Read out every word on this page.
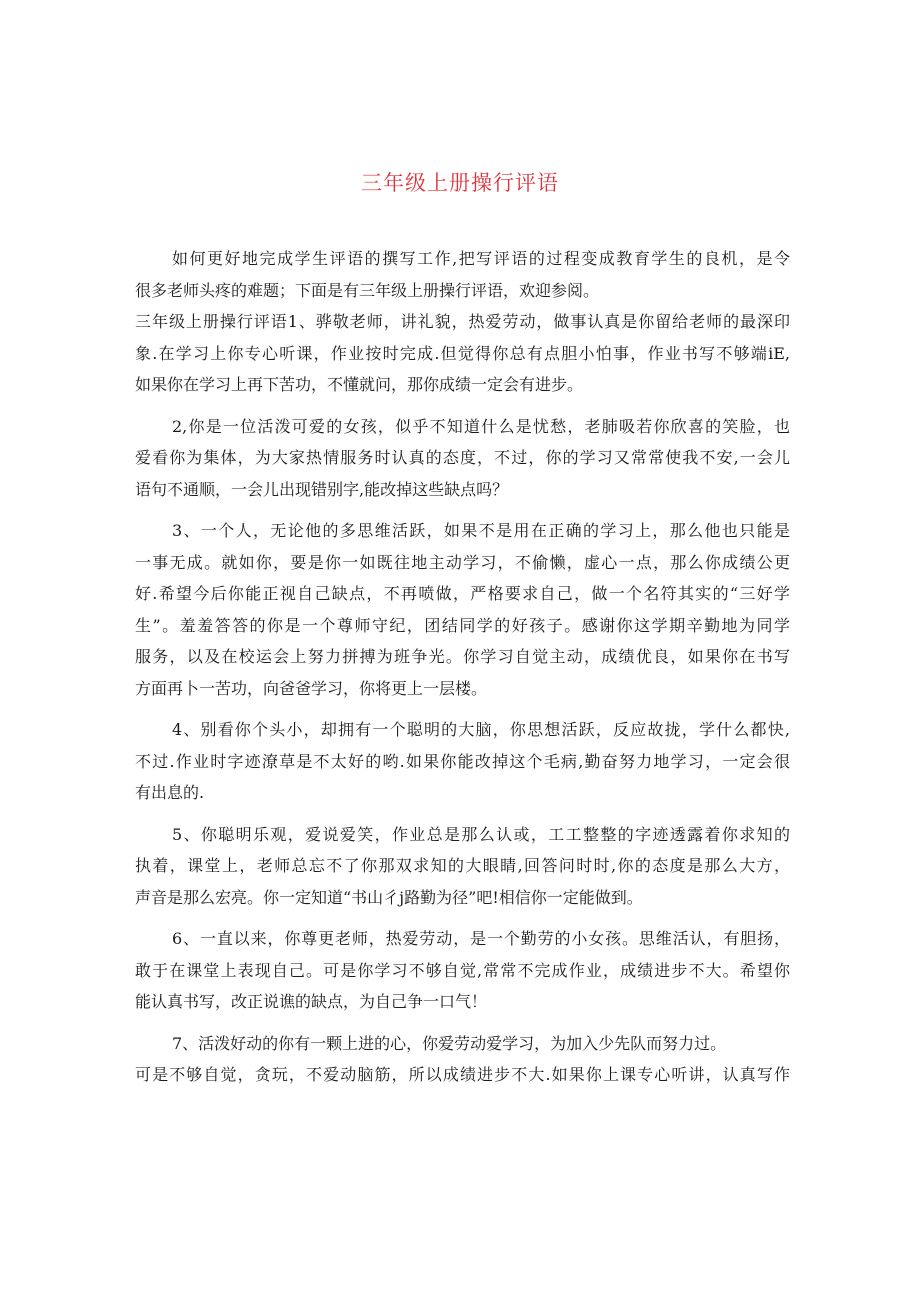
三年级上册操行评语
如何更好地完成学生评语的撰写工作,把写评语的过程变成教育学生的良机，是令
很多老师头疼的难题；下面是有三年级上册操行评语，欢迎参阅。
三年级上册操行评语1、骅敬老师，讲礼貌，热爱劳动，做事认真是你留给老师的最深印
象.在学习上你专心听课，作业按时完成.但觉得你总有点胆小怕事，作业书写不够端iE,
如果你在学习上再下苦功，不懂就问，那你成绩一定会有进步。
2,你是一位活泼可爱的女孩，似乎不知道什么是忧愁，老肺吸若你欣喜的笑脸，也
爱看你为集体，为大家热情服务时认真的态度，不过，你的学习又常常使我不安,一会儿
语句不通顺，一会儿出现错别字,能改掉这些缺点吗？
3、一个人，无论他的多思维活跃，如果不是用在正确的学习上，那么他也只能是
一事无成。就如你，要是你一如既往地主动学习，不偷懒，虚心一点，那么你成绩公更
好.希望今后你能正视自己缺点，不再喷做，严格要求自己，做一个名符其实的“三好学
生”。羞羞答答的你是一个尊师守纪，团结同学的好孩子。感谢你这学期辛勤地为同学
服务，以及在校运会上努力拼搏为班争光。你学习自觉主动，成绩优良，如果你在书写
方面再卜一苦功，向爸爸学习，你将更上一层楼。
4、别看你个头小，却拥有一个聪明的大脑，你思想活跃，反应故拢，学什么都快,
不过.作业时字迹潦草是不太好的哟.如果你能改掉这个毛病,勤奋努力地学习，一定会很
有出息的.
5、你聪明乐观，爱说爱笑，作业总是那么认或，工工整整的字迹透露着你求知的
执着，课堂上，老师总忘不了你那双求知的大眼睛,回答问时时,你的态度是那么大方，
声音是那么宏亮。你一定知道“书山彳j路勤为径”吧!相信你一定能做到。
6、一直以来，你尊更老师，热爱劳动，是一个勤劳的小女孩。思维活认，有胆扬，
敢于在课堂上表现自己。可是你学习不够自觉,常常不完成作业，成绩进步不大。希望你
能认真书写，改正说谯的缺点，为自己争一口气！
7、活泼好动的你有一颗上进的心，你爱劳动爱学习，为加入少先队而努力过。
可是不够自觉，贪玩，不爱动脑筋，所以成绩进步不大.如果你上课专心听讲，认真写作
